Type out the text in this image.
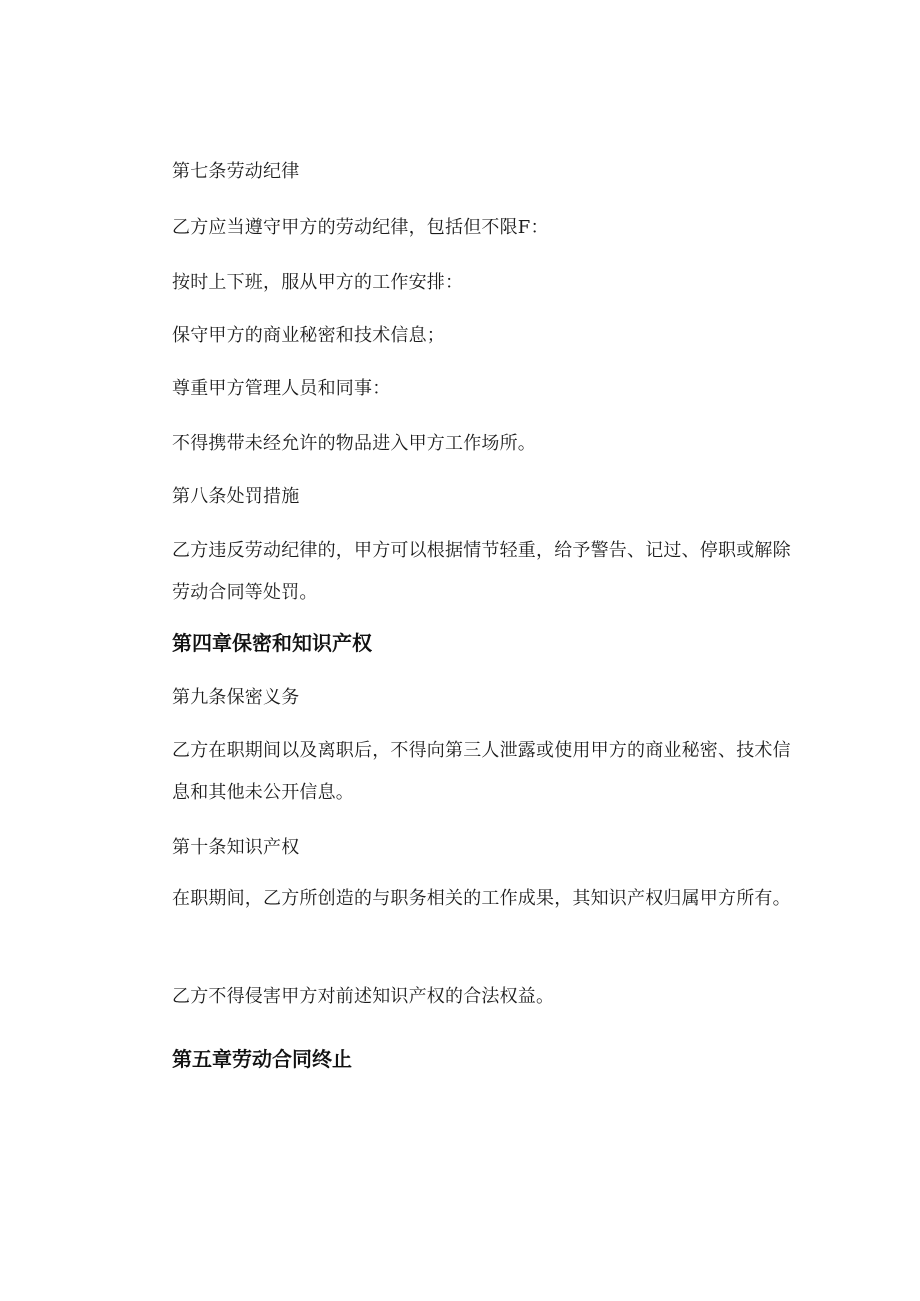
第七条劳动纪律
乙方应当遵守甲方的劳动纪律，包括但不限F：
按时上下班，服从甲方的工作安排：
保守甲方的商业秘密和技术信息；
尊重甲方管理人员和同事：
不得携带未经允许的物品进入甲方工作场所。
第八条处罚措施
乙方违反劳动纪律的，甲方可以根据情节轻重，给予警告、记过、停职或解除劳动合同等处罚。
第四章保密和知识产权
第九条保密义务
乙方在职期间以及离职后，不得向第三人泄露或使用甲方的商业秘密、技术信息和其他未公开信息。
第十条知识产权
在职期间，乙方所创造的与职务相关的工作成果，其知识产权归属甲方所有。
乙方不得侵害甲方对前述知识产权的合法权益。
第五章劳动合同终止
